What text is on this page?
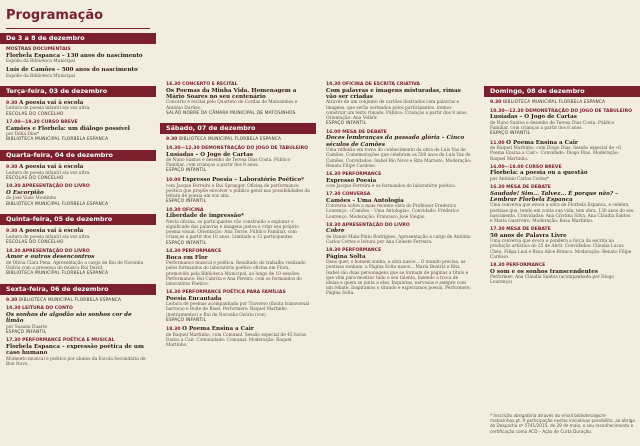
Programação
De 3 a 8 de dezembro
MOSTRAS DOCUMENTAIS
Florbela Espanca – 130 anos do nascimento
Espólio da Biblioteca Municipal
Luís de Camões – 500 anos do nascimento
Espólio da Biblioteca Municipal
Terça-feira, 03 de dezembro
9.30 A poesia vai à escola
Leitura de poesia infantil e/a vez ultra.
ESCOLAS DO CONCELHO
17.00—19.30 CURSO BREVE
Camões e Florbela: um diálogo possível
por Délia Dias*
BIBLIOTECA MUNICIPAL FLORBELA ESPANCA
Quarta-feira, 04 de dezembro
9.30 A poesia vai à escola
Leitura de poesia infantil e/a vez ultra.
ESCOLAS DO CONCELHO
10.30 APRESENTAÇÃO DO LIVRO
O Escorpião
de José Viale Moutinho
BIBLIOTECA MUNICIPAL FLORBELA ESPANCA
Quinta-feira, 05 de dezembro
9.30 A poesia vai à escola
Leitura de poesia infantil e/a vez ultra.
ESCOLAS DO CONCELHO
18.30 APRESENTAÇÃO DO LIVRO
Amor e outros desencontros
de Olívia Clara Pena. Apresentação a cargo de Rui de Noronha Ozório com a presença do músico Rui David.
BIBLIOTECA MUNICIPAL FLORBELA ESPANCA
Sexta-feira, 06 de dezembro
9.30 BIBLIOTECA MUNICIPAL FLORBELA ESPANCA
10.30 LEITURA DO CONTO
Os sonhos de algodão são sonhos cor de limão
por Susana Duarte
ESPAÇO INFANTIL
17.30 PERFORMANCE POÉTICA E MUSICAL
Florbela Espanca – expressão poética de um caso humano
Momento musical e poético por alunos da Escola Secundária de Bon Novo.
16.30 CONCERTO E RECITAL
Os Poemas da Minha Vida. Homenagem a Mário Soares no seu centenário
Concerto e recital pelo Quarteto de Cordas de Matosinhos e António Durães.
SALÃO NOBRE DA CÂMARA MUNICIPAL DE MATOSINHOS
Sábado, 07 de dezembro
9.30 BIBLIOTECA MUNICIPAL FLORBELA ESPANCA
10.30—12.30 DEMONSTRAÇÃO DO JOGO DE TABULEIRO
Lusíadas – O Jogo de Cartas
de Nuno Santos e desenho de Teresa Dias Costa. Público Familiar, com crianças a partir dos 8 anos.
ESPAÇO INFANTIL
10.00 Expresso Poesia – Laboratório Poético*
com Jacque Ferreira e Rui Spranger. Oficina de performance poética que propõe envolver o público geral nas possibilidades da leitura de poesia em voz alta.
ESPAÇO INFANTIL
10.30 OFICINA
Liberdade de impressão*
Nesta oficina, os participantes vão construído a explorar o significado das palavras e imagens juntos e criar seu próprio poema visual. Orientação: Ana Torrie. Público Familiar, com crianças a partir dos 10 anos. Limitado a 12 participantes.
ESPAÇO INFANTIL
14.30 PERFORMANCE
Boca em Flor
Performance musical e poética. Resultado do trabalho realizado pelos formandos do laboratório poético oficina em Flora, promovido pela Biblioteca Municipal, ao longo de 10 sessões. Performance: Rui Cabrita e Ana Pereira, com os formandos do laboratório Poético.
16.30 PERFORMANCE POÉTICA PARA FAMÍLIAS
Poesia Encantada
Leitura de poemas acompanhada por Traverso (flauta transversal barroca) e Boite de Bisel. Performers: Raquel Martinho (instrumentos) e Rui de Noronha Ozório (voz).
ESPAÇO INFANTIL
18.30 O Poema Ensina a Cair
de Raquel Martinho, com Comunal. Sessão especial de 45 horas Dados a Cair. Comunidade: Comunal. Moderação: Raquel Martinho.
10.30 OFICINA DE ESCRITA CRIATIVA
Com palavras e imagens misturadas, rimas vão ser criadas
Através de um conjunto de cartões ilustrados com palavras e imagens, que serão sorteados pelos participantes, iremos construir um texto rimado. Público: Crianças a partir dos 8 anos. Orientação: Ana Velhôr.
ESPAÇO INFANTIL
16.00 MESA DE DEBATE
Doces lembranças da passada glória – Cinco séculos de Camões
Uma reflexão em torno do conhecimento da obra de Luís Vaz de Camões. Comemorações que celebram os 500 anos de Luís Vaz de Camões. Convidados: Isabel Rio Novo e Rita Marnoto. Moderação: Renato Filipe Cardoso.
16.30 PERFORMANCE
Expresso Poesia
com Jacque Ferreira e os formandos do laboratório poético.
17.30 CONVERSA
Camões – Uma Antologia
Conversa sobre a mais recente obra do Professor Frederico Lourenço, «Camões – Uma Antologia». Convidado: Frederico Lourenço. Moderação: Francisco José Viegas.
18.30 APRESENTAÇÃO DO LIVRO
Cobre
de Daniel Maia-Pinto Rodrigues. Apresentação a cargo de António Carlos Cortez e leitura por Ana Celeste Ferreira.
18.30 PERFORMANCE
Página Solta
Deus quer, o homem sonha, a obra nasce... O mundo precisa, as poetisas sonham, a Página Solta nasce... Maria Beatriz e Rita Isabel são duas personagens que se formam de páginas a título e que vêm para mostrar tudo o seu talento, fazendo a troca de ideias e quem se junta a elas. Inquietas, nervosas e sempre com um rebate. Inspiramos o tirando e exploramos poesia. Performers: Página Solta.
Domingo, 08 de dezembro
9.30 BIBLIOTECA MUNICIPAL FLORBELA ESPANCA
10.30—12.30 DEMONSTRAÇÃO DO JOGO DE TABULEIRO
Lusíadas – O Jogo de Cartas
de Nuno Santos e desenho de Teresa Dias Costa. Público Familiar, com crianças a partir dos 8 anos.
ESPAÇO INFANTIL
11.00 O Poema Ensina a Cair
de Raquel Martinho, com Diogo Dias. Sessão especial de «O Poema Ensina a Cair». Convidado: Diogo Dias. Moderação: Raquel Martinho.
16.00—18.00 CURSO BREVE
Florbela: a poesia ou a questão
por António Carlos Cortez*
16.30 MESA DE DEBATE
Saudade! Sim... Talvez... É porque não? – Lembrar Florbela Espanca
Uma conversa que evoca a obra de Florbela Espanca, e celebra poetisas que, tendo em conta sua vida, tem obra, 130 anos do seu nascimento. Convidadas: Ana Cristina Silva, Ana Cláudia Santos e Maria Guerreiro. Moderação: Rosa Martinho.
17.30 MESA DE DEBATE
50 anos de Palavra Livre
Uma conversa que evoca e pondera a força da escrita na produção artística do 25 de Abril. Convidadas: Cláudia Lucas Chéu, Filipa Leal e Rosa Alice Branco. Moderação: Renato Filipe Cardoso.
18.30 PERFORMANCE
O som e os sonhos transcendentes
Performer: Ana Cláudia Santos (acompanhada por Diogo Lourenço)
* Inscrição obrigatória através do email biblioteca@cm-matosinhos.pt. A participação nestas iniciativas possibilita, ao abrigo do Despacho nº 5741/2015, de 29 de maio, o seu reconhecimento e certificação como ACD – Ação de Curta Duração.
